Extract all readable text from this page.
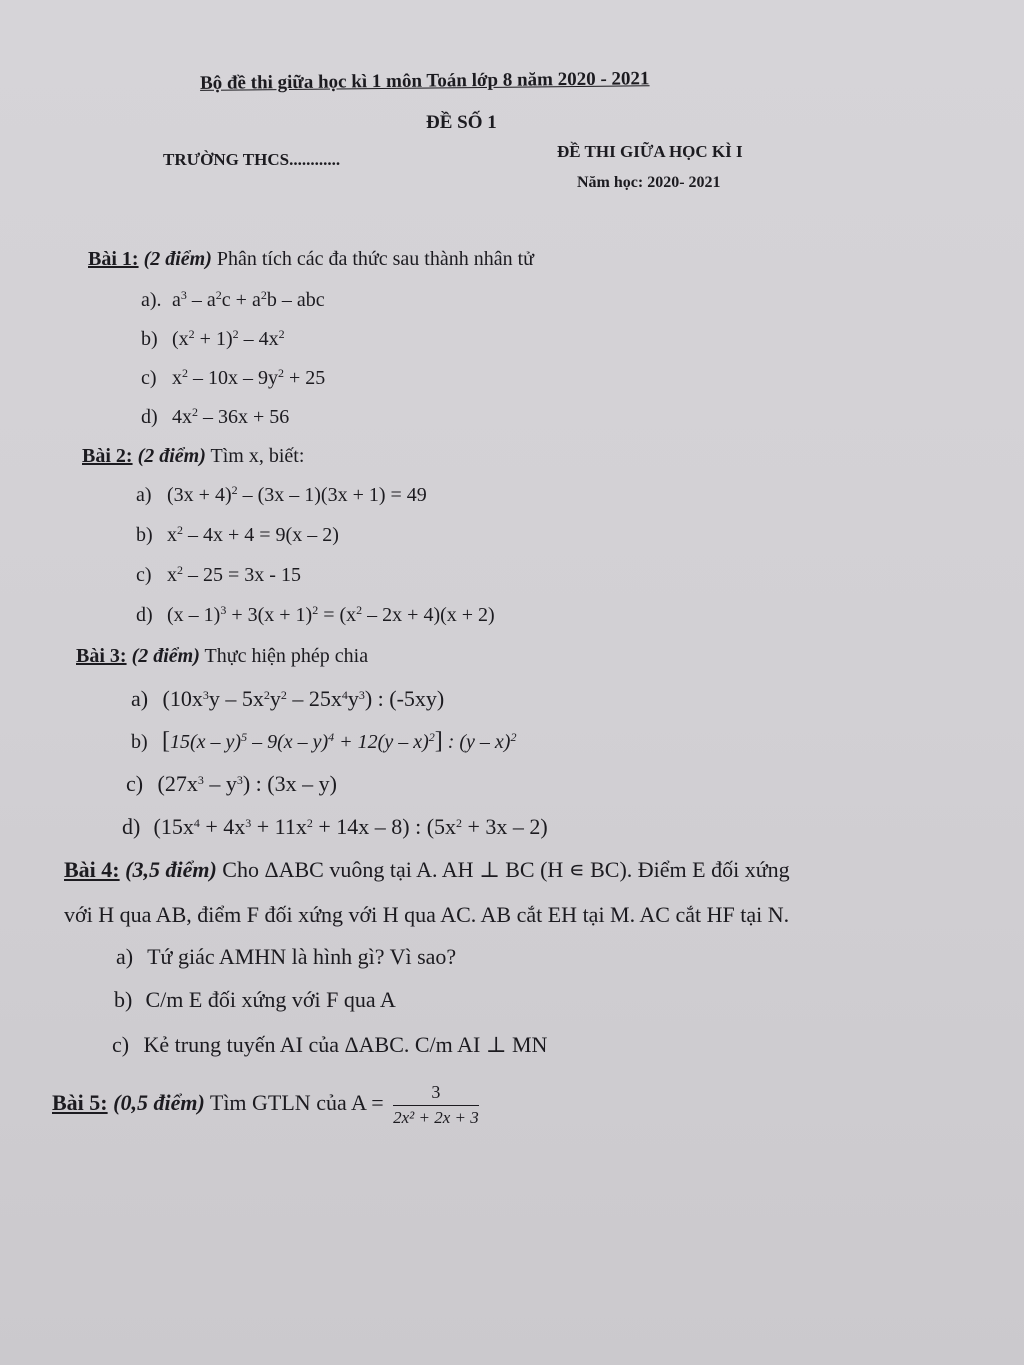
Bộ đề thi giữa học kì 1 môn Toán lớp 8 năm 2020 - 2021
ĐỀ SỐ 1
TRƯỜNG THCS............	ĐỀ THI GIỮA HỌC KÌ I
Năm học: 2020- 2021
Bài 1: (2 điểm) Phân tích các đa thức sau thành nhân tử
a). $a^3 - a^2c + a^2b$ – abc
b) $(x^2 + 1)^2 - 4x^2$
c) $x^2 - 10x - 9y^2 + 25$
d) $4x^2 - 36x + 56$
Bài 2: (2 điểm) Tìm x, biết:
a) $(3x + 4)^2 - (3x - 1)(3x + 1) = 49$
b) $x^2 - 4x + 4 = 9(x - 2)$
c) $x^2 - 25 = 3x - 15$
d) $(x - 1)^3 + 3(x + 1)^2 = (x^2 - 2x + 4)(x + 2)$
Bài 3: (2 điểm) Thực hiện phép chia
a) $(10x^3y - 5x^2y^2 - 25x^4y^3)$ : (-5xy)
b) [15(x – y)$^5$ – 9(x – y)$^4$ + 12(y – x)$^2$] : (y – x)$^2$
c) $(27x^3 - y^3)$ : (3x – y)
d) $(15x^4 + 4x^3 + 11x^2 + 14x - 8)$ : $(5x^2 + 3x - 2)$
Bài 4: (3,5 điểm) Cho ΔABC vuông tại A. AH ⊥ BC (H ∊ BC). Điểm E đối xứng
với H qua AB, điểm F đối xứng với H qua AC. AB cắt EH tại M. AC cắt HF tại N.
a) Tứ giác AMHN là hình gì? Vì sao?
b) C/m E đối xứng với F qua A
c) Kẻ trung tuyến AI của ΔABC. C/m AI ⊥ MN
Bài 5: (0,5 điểm) Tìm GTLN của $A = \frac{3}{\text{2x² + 2x + 3}}$
